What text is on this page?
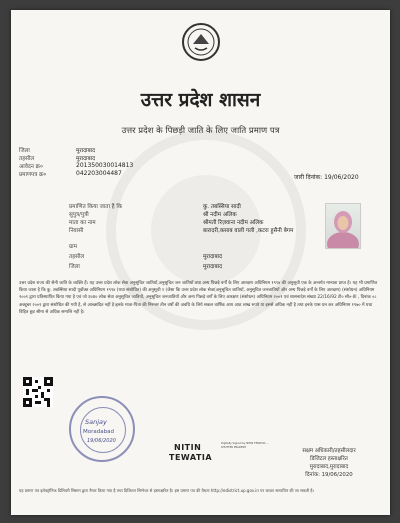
उत्तर प्रदेश शासन
उत्तर प्रदेश के पिछड़ी जाति के लिए जाति प्रमाण पत्र
जिला	मुरादाबाद
तहसील	मुरादाबाद
आवेदन क्र०	201350030014813
प्रमाणपत्र क्र०	042203004487
जारी दिनांक: 19/06/2020
प्रमाणित किया जाता है कि	कु. तबस्सिया सादी
सुपुत्र/पुत्री	श्री नदीम अलिक
माता का नाम	श्रीमती रिज़वाना नदीम अलिक
निवासी	बारादरी,कसाब वाली गली ,कटरा हुसैनी बेगम
ग्राम
तहसील	मुरादाबाद
जिला	मुरादाबाद
उत्तर प्रदेश राज्य की सैनी जाति के व्यक्ति हैं। यह उत्तर प्रदेश लोक सेवा अनुसूचित जातियों,अनुसूचित जन जातियों तथा अन्य पिछड़े वर्गों के लिए आरक्षण अधिनियम १९९४ की अनुसूची एक के अन्तर्गत मान्यता प्राप्त है। यह भी प्रमाणित किया जाता है कि कु. तबस्सिया सादी पूर्वोक्त अधिनियम १९९४ (यथा संशोधित) की अनुसूची २ (जैसा कि उत्तर प्रदेश लोक सेवा(अनुसूचित जातियों, अनुसूचित जनजातियों और अन्य पिछड़े वर्गों के लिए आरक्षण) (संशोधन) अधिनियम २००१ द्वारा प्रतिस्थापित किया गया है एवं जो उ०प्र० लोक सेवा अनुसूचित जातियों, अनुसूचित जनजातियों और अन्य पिछड़े वर्गों के लिए आरक्षण (संशोधन) अधिनियम २००१ एवं शासनादेश संख्या 22/16/92 टी० सी०-III , दिनांक ०८ अक्टूबर २००१ द्वारा संशोधित की गयी है, से आच्छादित नहीं है।इनके माता-पिता की निरन्तर तीन वर्षों की अवधि के लिये सकल वार्षिक आय आठ लाख रुपये या इससे अधिक नहीं है तथा इनके पास धन कर अधिनियम १९७० में यथा विहित छूट सीमा से अधिक सम्पत्ति नहीं है।
Sanjay
Moradabad
19/06/2020
NITIN
TEWATIA
Digitally Signed by NITIN TEWATIA ... SHUTTER PRADESH
सक्षम अधिकारी/तहसीलदार
डिजिटल हस्ताक्षरित
मुरादाबाद,मुरादाबाद
दिनांक: 19/06/2020
यह प्रमाण पत्र इलेक्ट्रॉनिक डिलिवरी सिस्टम द्वारा तैयार किया गया है तथा डिजिटल सिग्नेचर से हस्ताक्षरित है। इस प्रमाण पत्र की वैधता http://edistrict.up.gov.in पर जाकर सत्यापित की जा सकती है।
